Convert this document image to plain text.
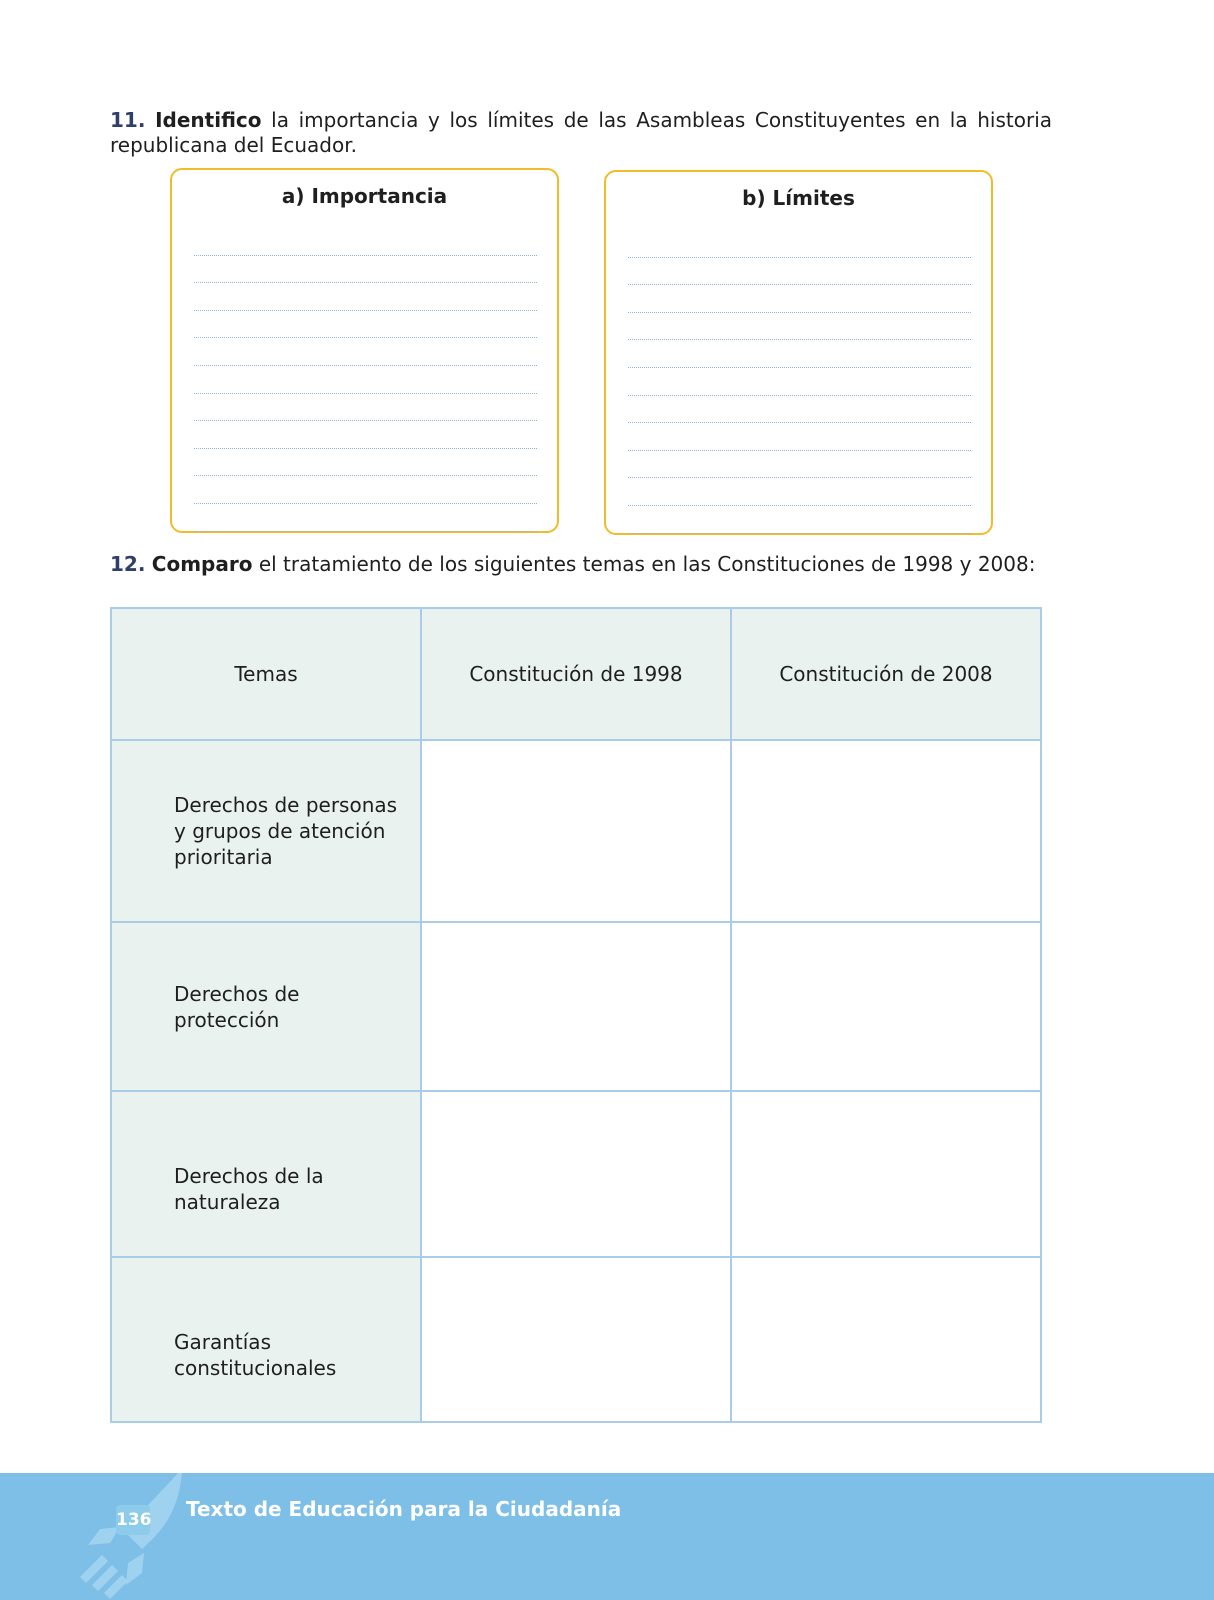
11. Identifico la importancia y los límites de las Asambleas Constituyentes en la historia republicana del Ecuador.
a) Importancia	b) Límites
12. Comparo el tratamiento de los siguientes temas en las Constituciones de 1998 y 2008:
Temas	Constitución de 1998	Constitución de 2008
Derechos de personas y grupos de atención prioritaria		
Derechos de protección		

Derechos de la naturaleza		

Garantías constitucionales		

136 Texto de Educación para la Ciudadanía
